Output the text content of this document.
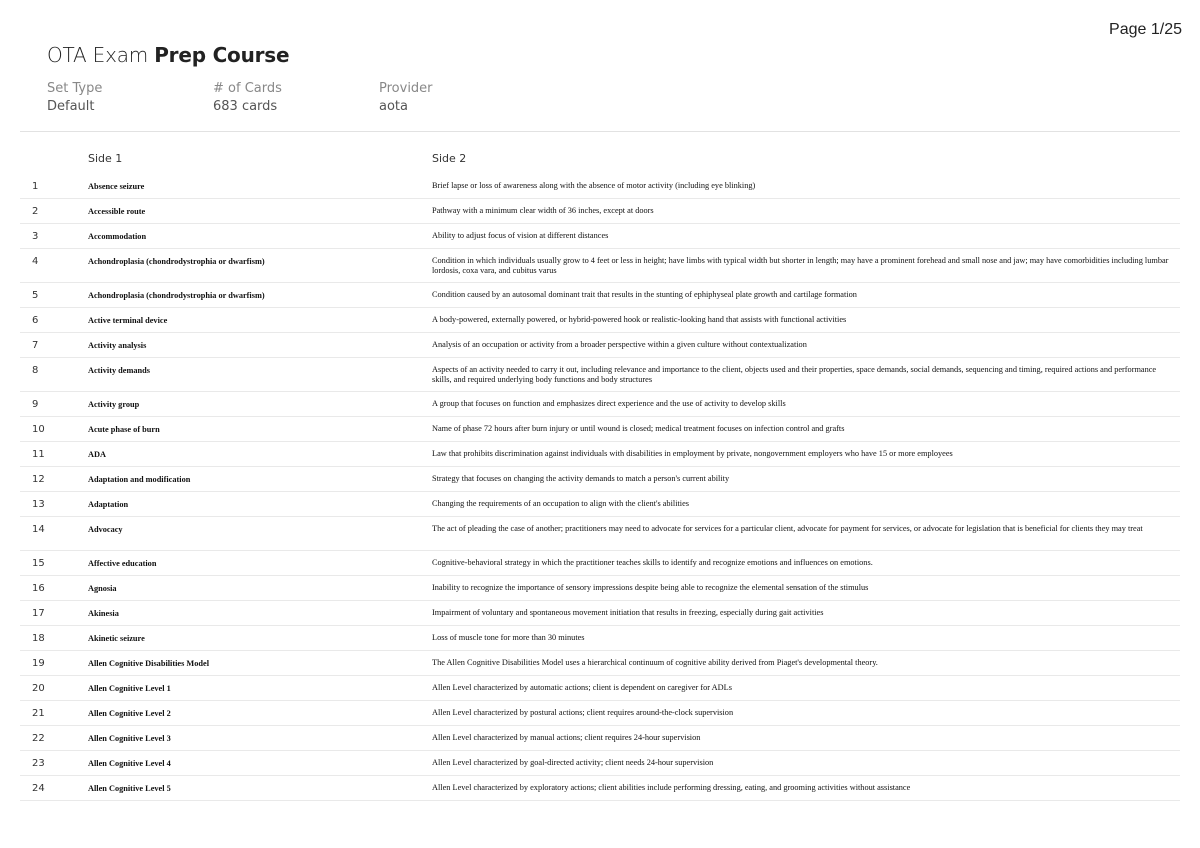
Page 1/25
OTA Exam Prep Course
Set Type
Default
# of Cards
683 cards
Provider
aota
Side 1	Side 2
1	Absence seizure	Brief lapse or loss of awareness along with the absence of motor activity (including eye blinking)
2	Accessible route	Pathway with a minimum clear width of 36 inches, except at doors
3	Accommodation	Ability to adjust focus of vision at different distances
4	Achondroplasia (chondrodystrophia or dwarfism)	Condition in which individuals usually grow to 4 feet or less in height; have limbs with typical width but shorter in length; may have a prominent forehead and small nose and jaw; may have comorbidities including lumbar lordosis, coxa vara, and cubitus varus
5	Achondroplasia (chondrodystrophia or dwarfism)	Condition caused by an autosomal dominant trait that results in the stunting of ephiphyseal plate growth and cartilage formation
6	Active terminal device	A body-powered, externally powered, or hybrid-powered hook or realistic-looking hand that assists with functional activities
7	Activity analysis	Analysis of an occupation or activity from a broader perspective within a given culture without contextualization
8	Activity demands	Aspects of an activity needed to carry it out, including relevance and importance to the client, objects used and their properties, space demands, social demands, sequencing and timing, required actions and performance skills, and required underlying body functions and body structures
9	Activity group	A group that focuses on function and emphasizes direct experience and the use of activity to develop skills
10	Acute phase of burn	Name of phase 72 hours after burn injury or until wound is closed; medical treatment focuses on infection control and grafts
11	ADA	Law that prohibits discrimination against individuals with disabilities in employment by private, nongovernment employers who have 15 or more employees
12	Adaptation and modification	Strategy that focuses on changing the activity demands to match a person's current ability
13	Adaptation	Changing the requirements of an occupation to align with the client's abilities
14	Advocacy	The act of pleading the case of another; practitioners may need to advocate for services for a particular client, advocate for payment for services, or advocate for legislation that is beneficial for clients they may treat
15	Affective education	Cognitive-behavioral strategy in which the practitioner teaches skills to identify and recognize emotions and influences on emotions.
16	Agnosia	Inability to recognize the importance of sensory impressions despite being able to recognize the elemental sensation of the stimulus
17	Akinesia	Impairment of voluntary and spontaneous movement initiation that results in freezing, especially during gait activities
18	Akinetic seizure	Loss of muscle tone for more than 30 minutes
19	Allen Cognitive Disabilities Model	The Allen Cognitive Disabilities Model uses a hierarchical continuum of cognitive ability derived from Piaget's developmental theory.
20	Allen Cognitive Level 1	Allen Level characterized by automatic actions; client is dependent on caregiver for ADLs
21	Allen Cognitive Level 2	Allen Level characterized by postural actions; client requires around-the-clock supervision
22	Allen Cognitive Level 3	Allen Level characterized by manual actions; client requires 24-hour supervision
23	Allen Cognitive Level 4	Allen Level characterized by goal-directed activity; client needs 24-hour supervision
24	Allen Cognitive Level 5	Allen Level characterized by exploratory actions; client abilities include performing dressing, eating, and grooming activities without assistance
